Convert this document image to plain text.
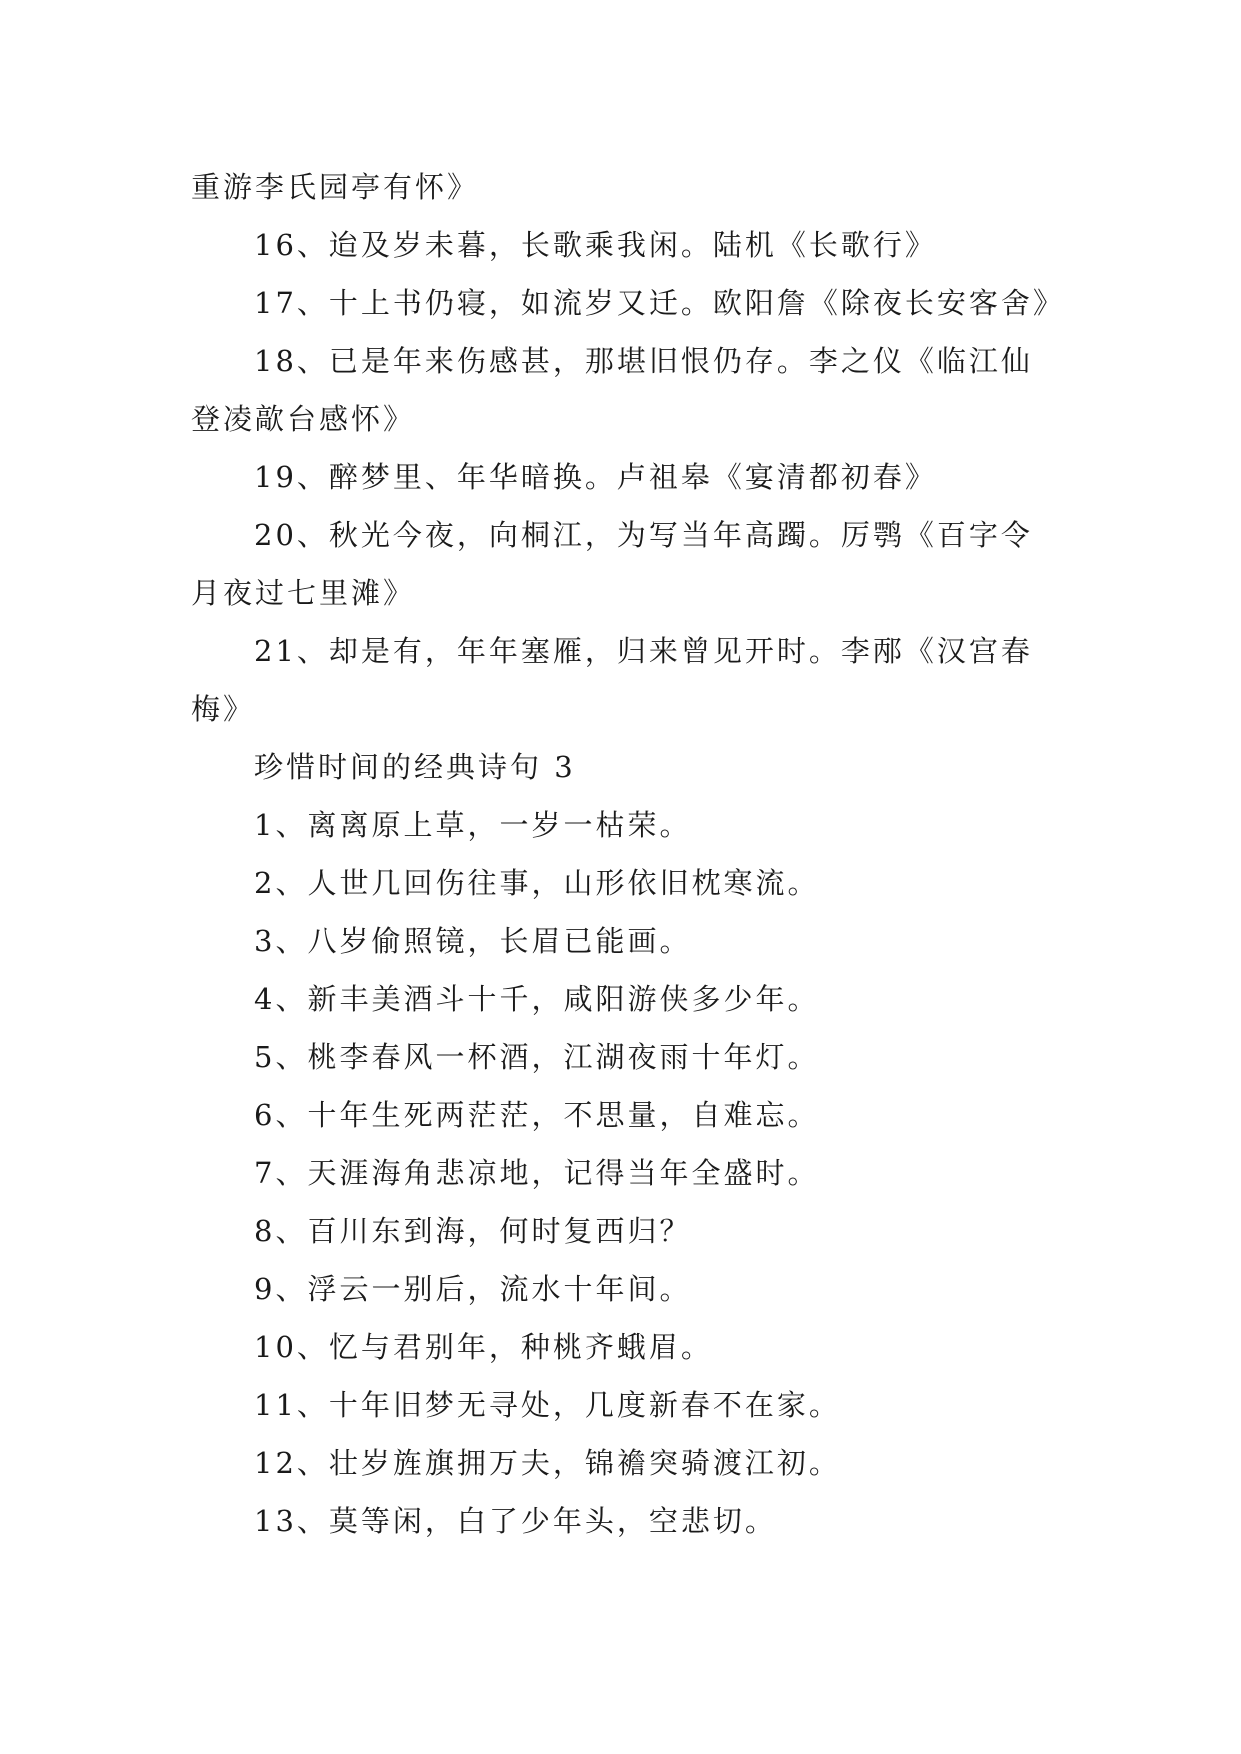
重游李氏园亭有怀》

16、迨及岁未暮，长歌乘我闲。陆机《长歌行》

17、十上书仍寝，如流岁又迁。欧阳詹《除夜长安客舍》

18、已是年来伤感甚，那堪旧恨仍存。李之仪《临江仙

登凌歊台感怀》

19、醉梦里、年华暗换。卢祖皋《宴清都初春》

20、秋光今夜，向桐江，为写当年高躅。厉鹗《百字令

月夜过七里滩》

21、却是有，年年塞雁，归来曾见开时。李邴《汉宫春

梅》

珍惜时间的经典诗句 3

1、离离原上草，一岁一枯荣。

2、人世几回伤往事，山形依旧枕寒流。

3、八岁偷照镜，长眉已能画。

4、新丰美酒斗十千，咸阳游侠多少年。

5、桃李春风一杯酒，江湖夜雨十年灯。

6、十年生死两茫茫，不思量，自难忘。

7、天涯海角悲凉地，记得当年全盛时。

8、百川东到海，何时复西归？

9、浮云一别后，流水十年间。

10、忆与君别年，种桃齐蛾眉。

11、十年旧梦无寻处，几度新春不在家。

12、壮岁旌旗拥万夫，锦襜突骑渡江初。

13、莫等闲，白了少年头，空悲切。
